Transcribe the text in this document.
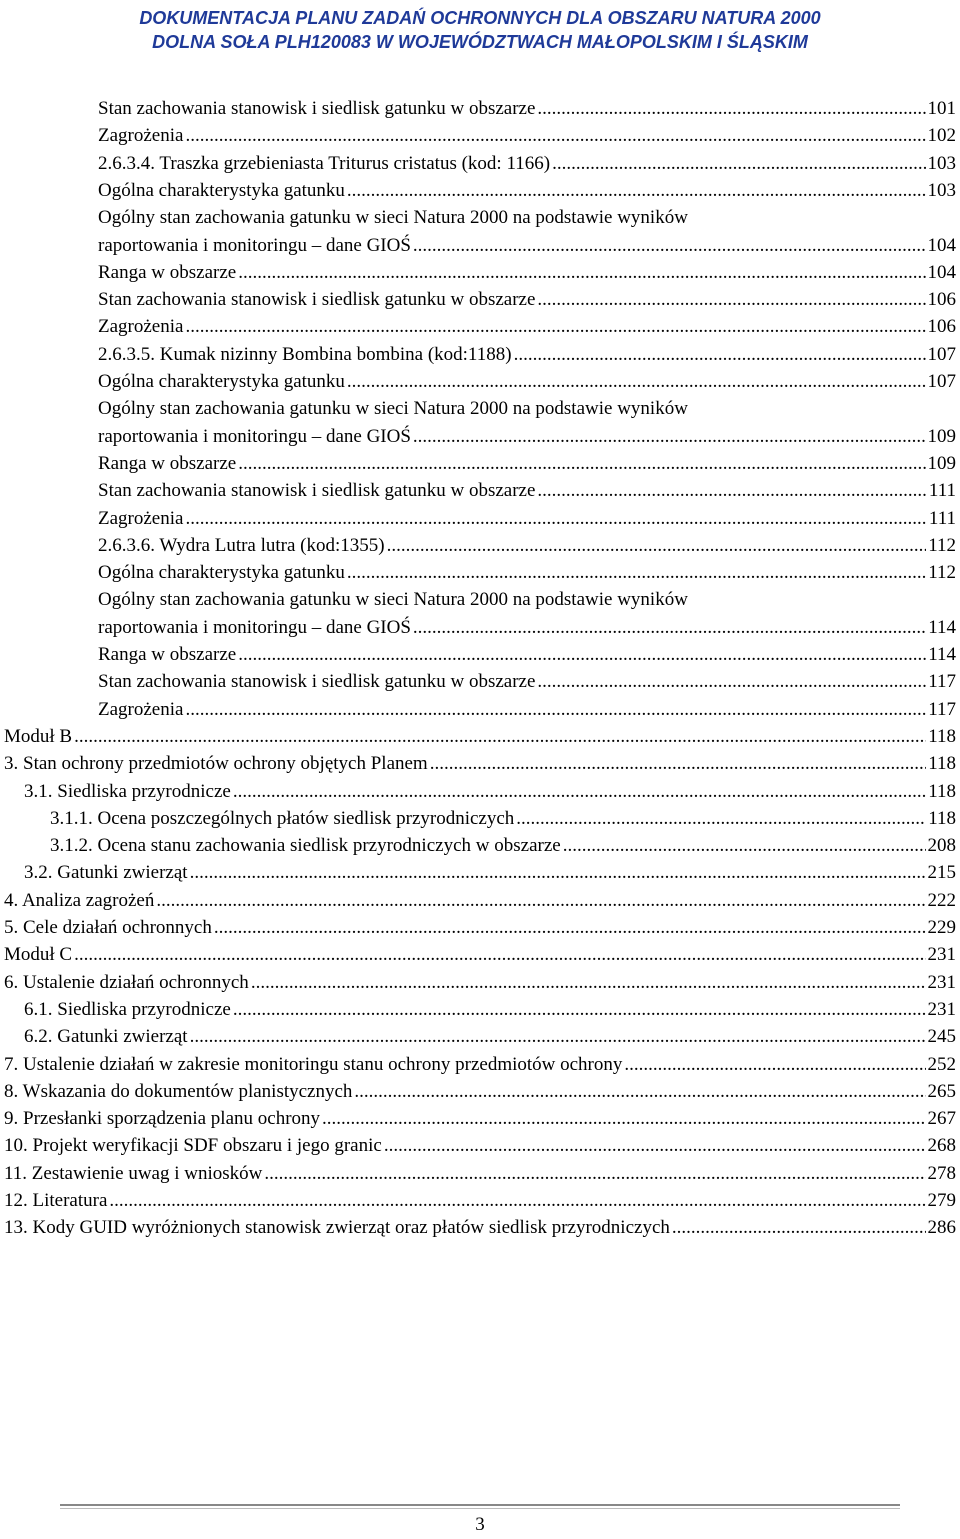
DOKUMENTACJA PLANU ZADAŃ OCHRONNYCH DLA OBSZARU NATURA 2000
DOLNA SOŁA PLH120083 W WOJEWÓDZTWACH MAŁOPOLSKIM I ŚLĄSKIM
Stan zachowania stanowisk i siedlisk gatunku w obszarze .....	101
Zagrożenia .....	102
2.6.3.4. Traszka grzebieniasta Triturus cristatus (kod: 1166) .....	103
Ogólna charakterystyka gatunku .....	103
Ogólny stan zachowania gatunku w sieci Natura 2000 na podstawie wyników
raportowania i monitoringu – dane GIOŚ .....	104
Ranga w obszarze .....	104
Stan zachowania stanowisk i siedlisk gatunku w obszarze .....	106
Zagrożenia .....	106
2.6.3.5. Kumak nizinny Bombina bombina (kod:1188) .....	107
Ogólna charakterystyka gatunku .....	107
Ogólny stan zachowania gatunku w sieci Natura 2000 na podstawie wyników
raportowania i monitoringu – dane GIOŚ .....	109
Ranga w obszarze .....	109
Stan zachowania stanowisk i siedlisk gatunku w obszarze .....	111
Zagrożenia .....	111
2.6.3.6. Wydra Lutra lutra (kod:1355) .....	112
Ogólna charakterystyka gatunku .....	112
Ogólny stan zachowania gatunku w sieci Natura 2000 na podstawie wyników
raportowania i monitoringu – dane GIOŚ .....	114
Ranga w obszarze .....	114
Stan zachowania stanowisk i siedlisk gatunku w obszarze .....	117
Zagrożenia .....	117
Moduł B .....	118
3. Stan ochrony przedmiotów ochrony objętych Planem .....	118
3.1. Siedliska przyrodnicze .....	118
3.1.1. Ocena poszczególnych płatów siedlisk przyrodniczych .....	118
3.1.2. Ocena stanu zachowania siedlisk przyrodniczych w obszarze .....	208
3.2. Gatunki zwierząt .....	215
4. Analiza zagrożeń .....	222
5. Cele działań ochronnych .....	229
Moduł C .....	231
6. Ustalenie działań ochronnych .....	231
6.1. Siedliska przyrodnicze .....	231
6.2. Gatunki zwierząt .....	245
7. Ustalenie działań w zakresie monitoringu stanu ochrony przedmiotów ochrony .....	252
8. Wskazania do dokumentów planistycznych .....	265
9. Przesłanki sporządzenia planu ochrony .....	267
10. Projekt weryfikacji SDF obszaru i jego granic .....	268
11. Zestawienie uwag i wniosków .....	278
12. Literatura .....	279
13. Kody GUID wyróżnionych stanowisk zwierząt oraz płatów siedlisk przyrodniczych .....	286
3
